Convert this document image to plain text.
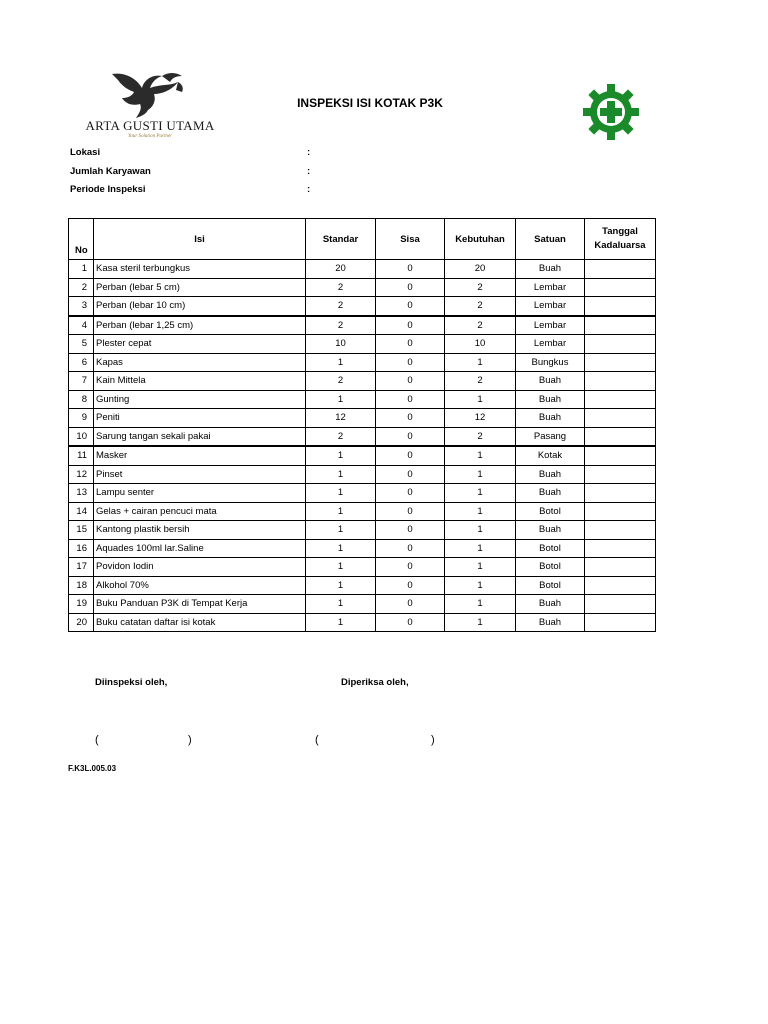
ARTA GUSTI UTAMA
Your Solution Partner
INSPEKSI ISI KOTAK P3K
Lokasi	:
Jumlah Karyawan	:
Periode Inspeksi	:
No	Isi	Standar	Sisa	Kebutuhan	Satuan	Tanggal
Kadaluarsa

1	Kasa steril terbungkus	20	0	20	Buah	
2	Perban (lebar 5 cm)	2	0	2	Lembar	
3	Perban (lebar 10 cm)	2	0	2	Lembar	
4	Perban (lebar 1,25 cm)	2	0	2	Lembar	
5	Plester cepat	10	0	10	Lembar	
6	Kapas	1	0	1	Bungkus	
7	Kain Mittela	2	0	2	Buah	
8	Gunting	1	0	1	Buah	
9	Peniti	12	0	12	Buah	
10	Sarung tangan sekali pakai	2	0	2	Pasang	
11	Masker	1	0	1	Kotak	
12	Pinset	1	0	1	Buah	
13	Lampu senter	1	0	1	Buah	
14	Gelas + cairan pencuci mata	1	0	1	Botol	
15	Kantong plastik bersih	1	0	1	Buah	
16	Aquades 100ml lar.Saline	1	0	1	Botol	
17	Povidon Iodin	1	0	1	Botol	
18	Alkohol 70%	1	0	1	Botol	
19	Buku Panduan P3K di Tempat Kerja	1	0	1	Buah	
20	Buku catatan daftar isi kotak	1	0	1	Buah	
Diinspeksi oleh,	Diperiksa oleh,
(	)	(	)
F.K3L.005.03
